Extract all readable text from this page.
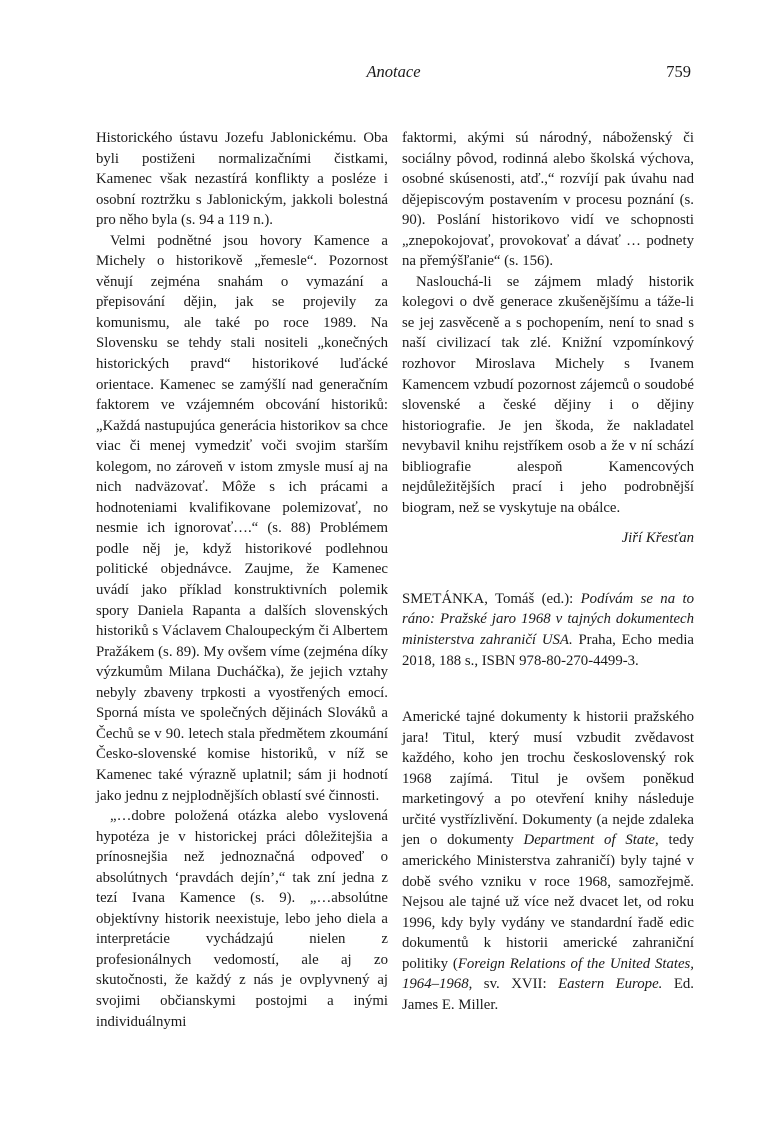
Anotace	759

Historického ústavu Jozefu Jablonickému. Oba byli postiženi normalizačními čistkami, Kamenec však nezastírá konflikty a posléze i osobní roztržku s Jablonickým, jakkoli bolestná pro něho byla (s. 94 a 119 n.).

Velmi podnětné jsou hovory Kamence a Michely o historikově „řemesle“. Pozornost věnují zejména snahám o vymazání a přepisování dějin, jak se projevily za komunismu, ale také po roce 1989. Na Slovensku se tehdy stali nositeli „konečných historických pravd“ historikové luďácké orientace. Kamenec se zamýšlí nad generačním faktorem ve vzájemném obcování historiků: „Každá nastupujúca generácia historikov sa chce viac či menej vymedziť voči svojim starším kolegom, no zároveň v istom zmysle musí aj na nich nadväzovať. Môže s ich prácami a hodnoteniami kvalifikovane polemizovať, no nesmie ich ignorovať….“ (s. 88) Problémem podle něj je, když historikové podlehnou politické objednávce. Zaujme, že Kamenec uvádí jako příklad konstruktivních polemik spory Daniela Rapanta a dalších slovenských historiků s Václavem Chaloupeckým či Albertem Pražákem (s. 89). My ovšem víme (zejména díky výzkumům Milana Ducháčka), že jejich vztahy nebyly zbaveny trpkosti a vyostřených emocí. Sporná místa ve společných dějinách Slováků a Čechů se v 90. letech stala předmětem zkoumání Česko-slovenské komise historiků, v níž se Kamenec také výrazně uplatnil; sám ji hodnotí jako jednu z nejplodnějších oblastí své činnosti.

„…dobre položená otázka alebo vyslovená hypotéza je v historickej práci dôležitejšia a prínosnejšia než jednoznačná odpoveď o absolútnych ‘pravdách dejín’,“ tak zní jedna z tezí Ivana Kamence (s. 9). „…absolútne objektívny historik neexistuje, lebo jeho diela a interpretácie vychádzajú nielen z profesionálnych vedomostí, ale aj zo skutočnosti, že každý z nás je ovplyvnený aj svojimi občianskymi postojmi a inými individuálnymi

faktormi, akými sú národný, náboženský či sociálny pôvod, rodinná alebo školská výchova, osobné skúsenosti, atď.,“ rozvíjí pak úvahu nad dějepiscovým postavením v procesu poznání (s. 90). Poslání historikovo vidí ve schopnosti „znepokojovať, provokovať a dávať … podnety na přemýšľanie“ (s. 156).

Naslouchá-li se zájmem mladý historik kolegovi o dvě generace zkušenějšímu a táže-li se jej zasvěceně a s pochopením, není to snad s naší civilizací tak zlé. Knižní vzpomínkový rozhovor Miroslava Michely s Ivanem Kamencem vzbudí pozornost zájemců o soudobé slovenské a české dějiny i o dějiny historiografie. Je jen škoda, že nakladatel nevybavil knihu rejstříkem osob a že v ní schází bibliografie alespoň Kamencových nejdůležitějších prací i jeho podrobnější biogram, než se vyskytuje na obálce.

Jiří Křesťan

SMETÁNKA, Tomáš (ed.): Podívám se na to ráno: Pražské jaro 1968 v tajných dokumentech ministerstva zahraničí USA. Praha, Echo media 2018, 188 s., ISBN 978-80-270-4499-3.

Americké tajné dokumenty k historii pražského jara! Titul, který musí vzbudit zvědavost každého, koho jen trochu československý rok 1968 zajímá. Titul je ovšem poněkud marketingový a po otevření knihy následuje určité vystřízlivění. Dokumenty (a nejde zdaleka jen o dokumenty Department of State, tedy amerického Ministerstva zahraničí) byly tajné v době svého vzniku v roce 1968, samozřejmě. Nejsou ale tajné už více než dvacet let, od roku 1996, kdy byly vydány ve standardní řadě edic dokumentů k historii americké zahraniční politiky (Foreign Relations of the United States, 1964–1968, sv. XVII: Eastern Europe. Ed. James E. Miller.
